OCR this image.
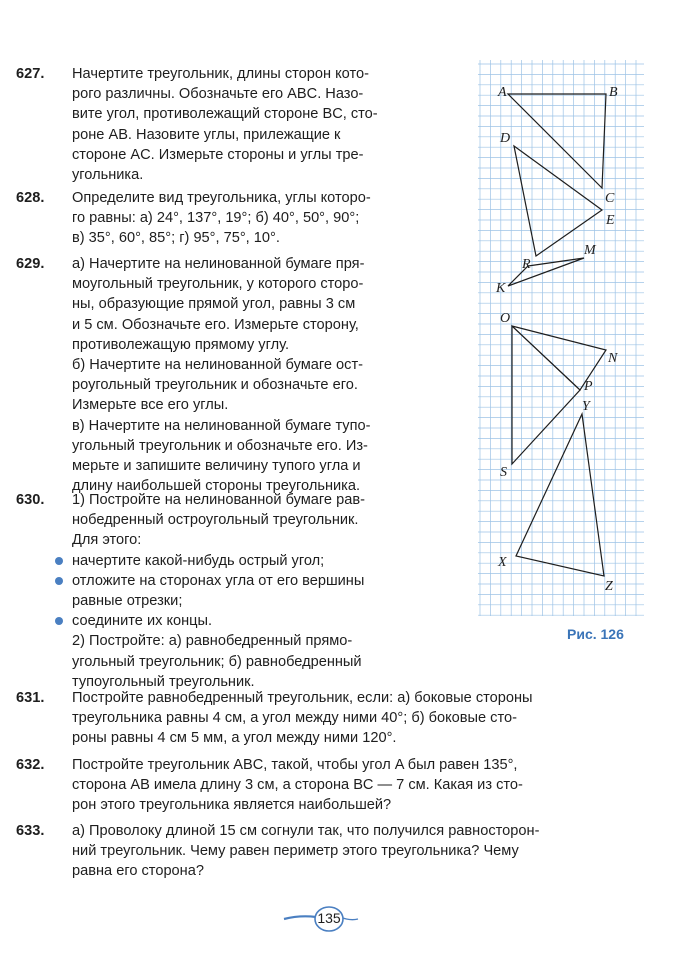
627. Начертите треугольник, длины сторон кото-
рого различны. Обозначьте его ABC. Назо-
вите угол, противолежащий стороне BC, сто-
роне AB. Назовите углы, прилежащие к
стороне AC. Измерьте стороны и углы тре-
угольника.
628. Определите вид треугольника, углы которо-
го равны: а) 24°, 137°, 19°; б) 40°, 50°, 90°;
в) 35°, 60°, 85°; г) 95°, 75°, 10°.
629. а) Начертите на нелинованной бумаге пря-
моугольный треугольник, у которого сторо-
ны, образующие прямой угол, равны 3 см
и 5 см. Обозначьте его. Измерьте сторону,
противолежащую прямому углу.
б) Начертите на нелинованной бумаге ост-
роугольный треугольник и обозначьте его.
Измерьте все его углы.
в) Начертите на нелинованной бумаге тупо-
угольный треугольник и обозначьте его. Из-
мерьте и запишите величину тупого угла и
длину наибольшей стороны треугольника.
630. 1) Постройте на нелинованной бумаге рав-
нобедренный остроугольный треугольник.
Для этого:
начертите какой-нибудь острый угол;
отложите на сторонах угла от его вершины
равные отрезки;
соедините их концы.
2) Постройте: а) равнобедренный прямо-
угольный треугольник; б) равнобедренный
тупоугольный треугольник.
631. Постройте равнобедренный треугольник, если: а) боковые стороны
треугольника равны 4 см, а угол между ними 40°; б) боковые сто-
роны равны 4 см 5 мм, а угол между ними 120°.
632. Постройте треугольник ABC, такой, чтобы угол A был равен 135°,
сторона AB имела длину 3 см, а сторона BC — 7 см. Какая из сто-
рон этого треугольника является наибольшей?
633. а) Проволоку длиной 15 см согнули так, что получился равносторон-
ний треугольник. Чему равен периметр этого треугольника? Чему
равна его сторона?
A	B
C
D
E
R
M
K
O
N
P
Y
S
X
Z
Рис. 126
135
